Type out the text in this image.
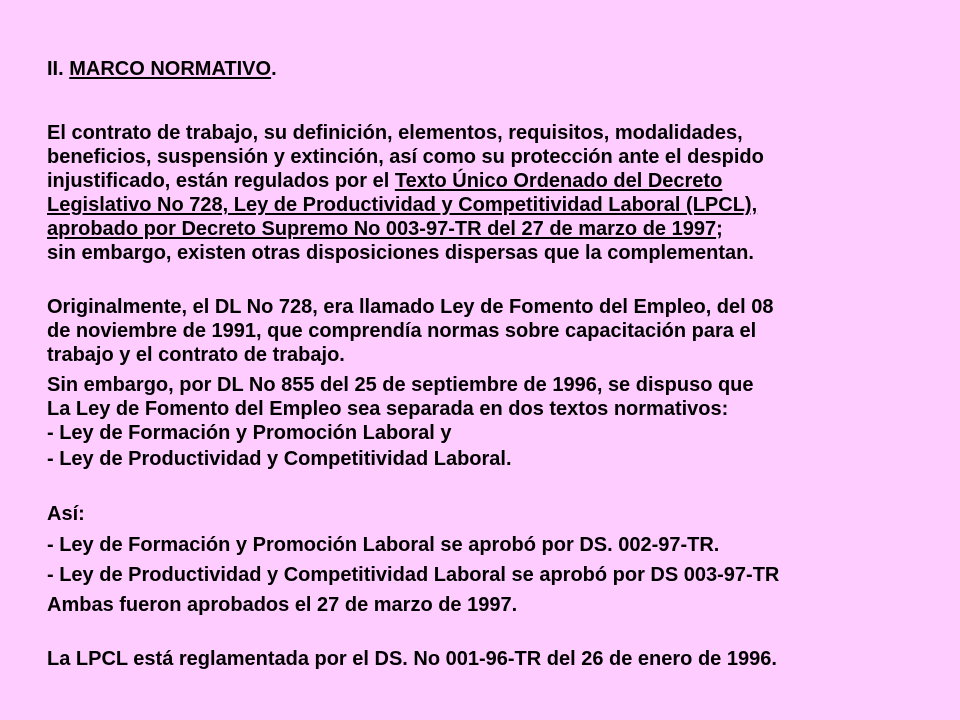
II. MARCO NORMATIVO.
El contrato de trabajo, su definición, elementos, requisitos, modalidades,
beneficios, suspensión y extinción, así como su protección ante el despido
injustificado, están regulados por el Texto Único Ordenado del Decreto
Legislativo No 728, Ley de Productividad y Competitividad Laboral (LPCL),
aprobado por Decreto Supremo No 003-97-TR del 27 de marzo de 1997;
sin embargo, existen otras disposiciones dispersas que la complementan.
Originalmente, el DL No 728, era llamado Ley de Fomento del Empleo, del 08
de noviembre de 1991, que comprendía normas sobre capacitación para el
trabajo y el contrato de trabajo.
Sin embargo, por DL No 855 del 25 de septiembre de 1996, se dispuso que
La Ley de Fomento del Empleo sea separada en dos textos normativos:
- Ley de Formación y Promoción Laboral y
- Ley de Productividad y Competitividad Laboral.
Así:
- Ley de Formación y Promoción Laboral se aprobó por DS. 002-97-TR.
- Ley de Productividad y Competitividad Laboral se aprobó por DS 003-97-TR
Ambas fueron aprobados el 27 de marzo de 1997.
La LPCL está reglamentada por el DS. No 001-96-TR del 26 de enero de 1996.
